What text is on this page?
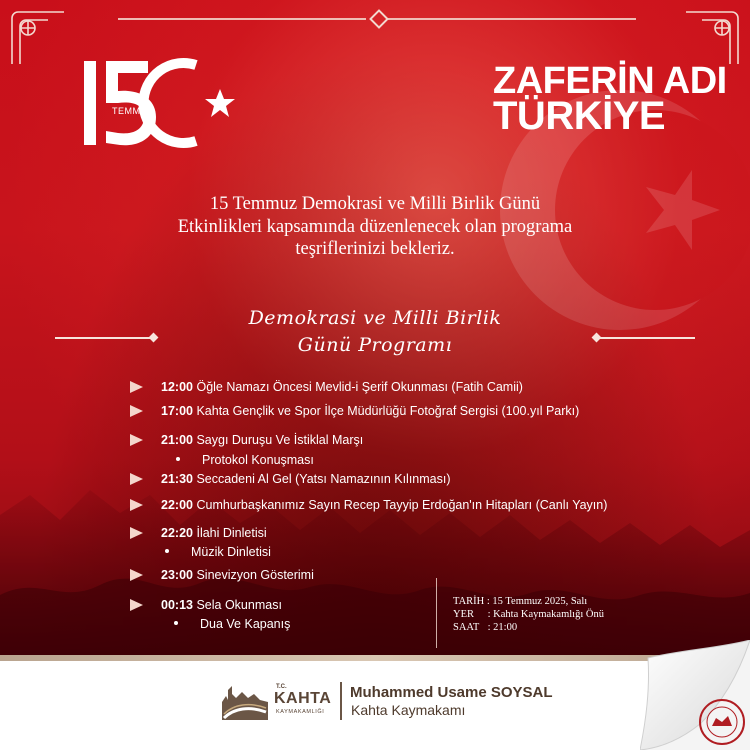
TEMMUZ
ZAFERİN ADI
TÜRKİYE
15 Temmuz Demokrasi ve Milli Birlik Günü
Etkinlikleri kapsamında düzenlenecek olan programa
teşriflerinizi bekleriz.
Demokrasi ve Milli Birlik
Günü Programı
12:00 Öğle Namazı Öncesi Mevlid-i Şerif Okunması (Fatih Camii)
17:00 Kahta Gençlik ve Spor İlçe Müdürlüğü Fotoğraf Sergisi (100.yıl Parkı)
21:00 Saygı Duruşu Ve İstiklal Marşı
Protokol Konuşması
21:30 Seccadeni Al Gel (Yatsı Namazının Kılınması)
22:00 Cumhurbaşkanımız Sayın Recep Tayyip Erdoğan'ın Hitapları (Canlı Yayın)
22:20 İlahi Dinletisi
Müzik Dinletisi
23:00 Sinevizyon Gösterimi
00:13 Sela Okunması
Dua Ve Kapanış
TARİH : 15 Temmuz 2025, Salı
YER : Kahta Kaymakamlığı Önü
SAAT : 21:00
T.C.
KAHTA
KAYMAKAMLIĞI
Muhammed Usame SOYSAL
Kahta Kaymakamı
